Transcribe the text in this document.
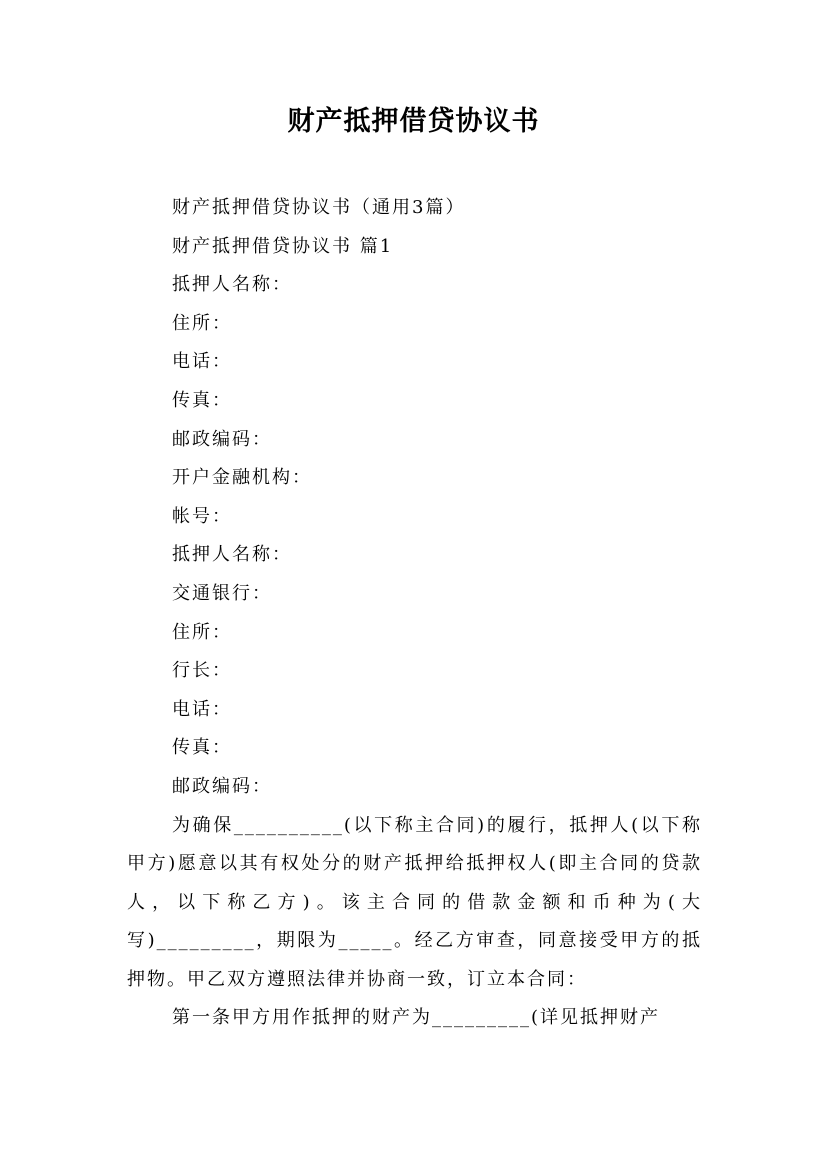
财产抵押借贷协议书

财产抵押借贷协议书（通用3篇）

财产抵押借贷协议书 篇1

抵押人名称：

住所：

电话：

传真：

邮政编码：

开户金融机构：

帐号：

抵押人名称：

交通银行：

住所：

行长：

电话：

传真：

邮政编码：

为确保__________(以下称主合同)的履行，抵押人(以下称甲方)愿意以其有权处分的财产抵押给抵押权人(即主合同的贷款人，以下称乙方)。该主合同的借款金额和币种为(大写)_________，期限为_____。经乙方审查，同意接受甲方的抵押物。甲乙双方遵照法律并协商一致，订立本合同：

第一条甲方用作抵押的财产为_________(详见抵押财产
